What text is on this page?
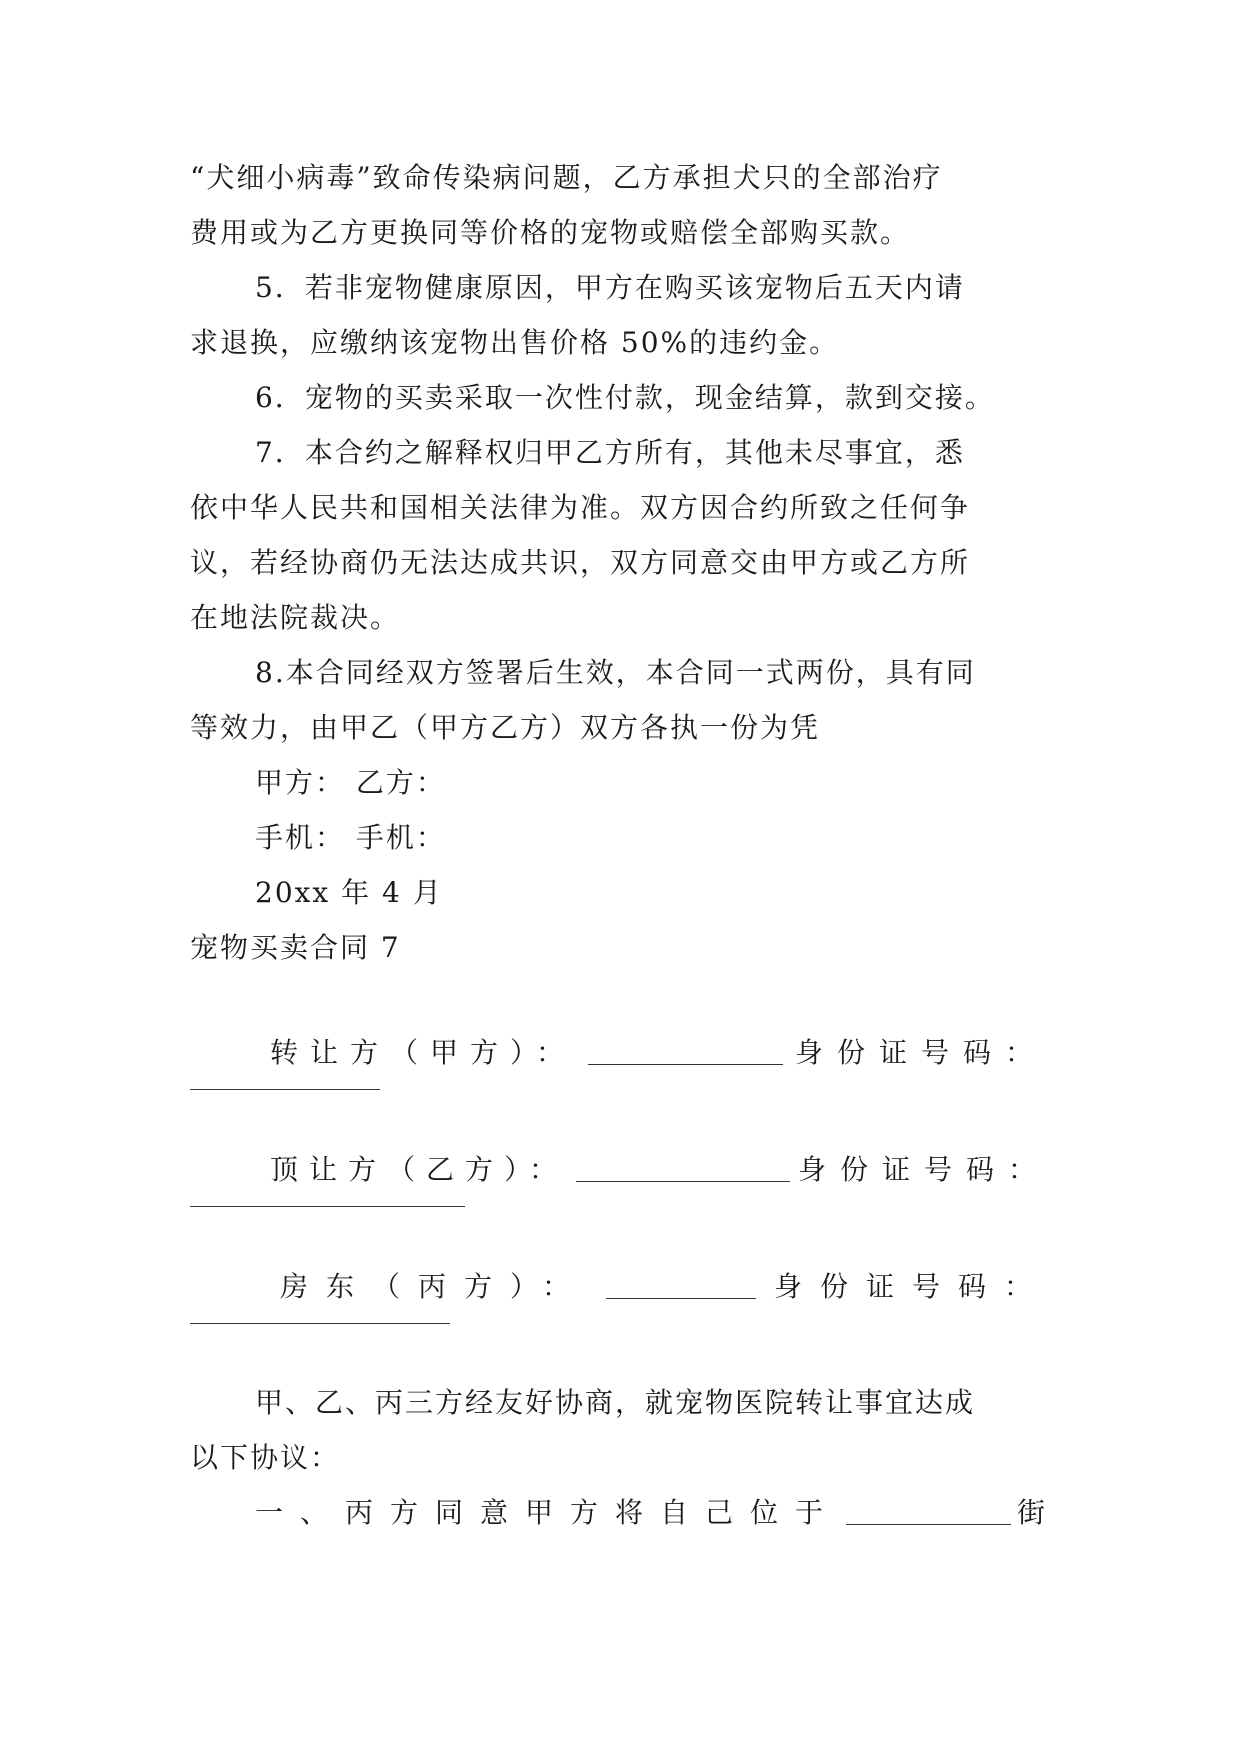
“犬细小病毒”致命传染病问题，乙方承担犬只的全部治疗
费用或为乙方更换同等价格的宠物或赔偿全部购买款。
5．若非宠物健康原因，甲方在购买该宠物后五天内请
求退换，应缴纳该宠物出售价格 50%的违约金。
6．宠物的买卖采取一次性付款，现金结算，款到交接。
7．本合约之解释权归甲乙方所有，其他未尽事宜，悉
依中华人民共和国相关法律为准。双方因合约所致之任何争
议，若经协商仍无法达成共识，双方同意交由甲方或乙方所
在地法院裁决。
8.本合同经双方签署后生效，本合同一式两份，具有同
等效力，由甲乙（甲方乙方）双方各执一份为凭
甲方： 乙方：
手机： 手机：
20xx 年 4 月
宠物买卖合同 7
转让方（甲方）：	身份证号码：
顶让方（乙方）：	身份证号码：
房东（丙方）：	身份证号码：
甲、乙、丙三方经友好协商，就宠物医院转让事宜达成
以下协议：
一、丙方同意甲方将自己位于	街
